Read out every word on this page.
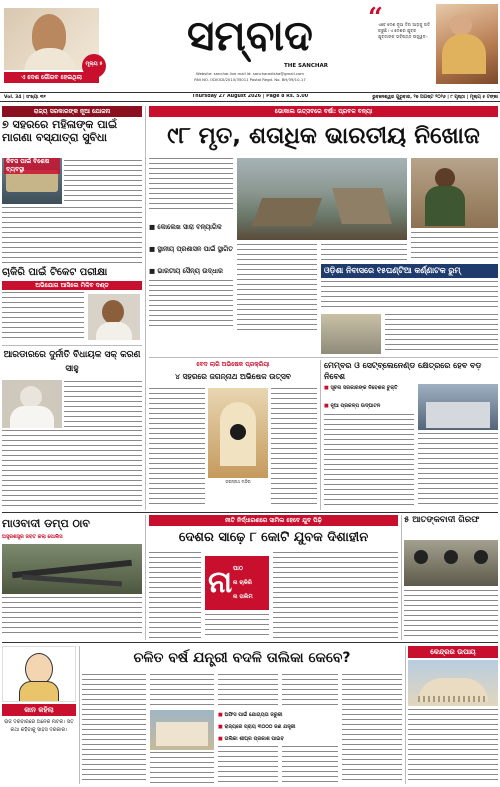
ଏ ଦେଶ ଗୌରବ ହେଇଥିଲା
ମୂଲ୍ୟ ୫
ସମ୍ବାଦ
THE SANCHAR
Website: sanchar.live mail id: sancharodisha@gmail.com
RNI NO. ODIODI/2010/35011 Postal Regd. No. BH/39/10-17
“
ଏବେ ଦେଶ ନୂଆ ଦିଗ ଆଡ଼କୁ ଗତି କରୁଛି। ଏ ଦେଶର ଯୁବକ ଯୁବତୀଙ୍କ ଭବିଷ୍ୟତ ଉଜ୍ଜ୍ୱଳ।
Vol. 34 | ସଂଖ୍ୟା ୩୧	Thursday 27 August 2026 | Page 8 Rs. 5.00	ଭୁବନେଶ୍ୱର ଗୁରୁବାର, ୨୭ ଅଗଷ୍ଟ ୨୦୨୬ | ୮ ପୃଷ୍ଠା | ମୂଲ୍ୟ ୫ ଟଙ୍କା
ରାଜ୍ୟ ସରକାରଙ୍କ ନୂଆ ଯୋଜନା
୭ ସହରରେ ମହିଳାଙ୍କ ପାଇଁ ମାଗଣା ବସ୍‌ଯାତ୍ରା ସୁବିଧା
ଦିବସ ପାଇଁ ବିଶେଷ ବ୍ୟବସ୍ଥା
ଚାକିରି ପାଇଁ ଟିକେଟ ପରୀକ୍ଷା
ଅଭିଯୋଗ ଆସିଲେ ମିଳିବ ଦଣ୍ଡ
ଆରଡାରରେ ଦୁର୍ନୀତି ବିଧାୟକ ସକ୍‌ କରଣ ସାହୁ
ଭୋକାଲ ଉତ୍‌ସବରେ ବର୍ଷା: ପ୍ରବଳ ବନ୍ୟା
୯୮ ମୃତ, ଶତାଧିକ ଭାରତୀୟ ନିଖୋଜ
■ କୋଲେଖ ସାରା ବନ୍ୟାଗିକ
■ ସ୍ଥାନୀୟ ପ୍ରଶାସନ ପାଇଁ ସ୍ଥାଗିତ
■ ଭାରତୀୟ ସୈନ୍ୟ ଉଦ୍ଧାର	ଓଡ଼ିଶା ନିବାସରେ ୧୫ଘଣ୍ଟିଆ କର୍ଣ୍ଣାଟକ ରୁମ୍
ବେଦ ଲାଗି ଅଭିଷେକ ପ୍ରକ୍ରିୟା
୪ ସହରରେ ଜଗନ୍ନାଥ ଅଭିଷେକ ଉତ୍ସବ
ଜଗନ୍ନାଥ ମନ୍ଦିର
ମେମ୍ବର ଓ ସେଟ୍‌ବ୍ଲେନେଣ୍ଡ କ୍ଷେତ୍ରରେ ହେବ ବଡ଼ ନିବେଶ
■ ସୂଚନା ସରକାରଙ୍କ ନିବେଶକ ଚୁକ୍ତି
■ ନୂଆ ପ୍ରକଳ୍ପ ଉଦ୍‌ଘାଟନ
ମାଓବାଦୀ ଡମ୍ପ ଠାବ
ଅସ୍ତ୍ରଶସ୍ତ୍ର ଜବତ କଲା ପୋଲିସ
ନୀତି ନିର୍ଦ୍ଧାରଣରେ ସାମିଲ ହେବେ ଯୁବ ପିଢ଼ି
ଦେଶର ସାଢ଼େ ୮ କୋଟି ଯୁବକ ଦିଶାହୀନ
ନା ପାଠ
ନା ଚାକିରି
ନା ତାଲିମ
୫ ଆତଙ୍କବାଦୀ ଗିରଫ
କାନ କହିଲା
ରାଜ ଦରବାରରେ ଅନେକ ନାଟକ। ସତ କଥା କହିବାକୁ ସାହସ ଦରକାର।
ଚଳିତ ବର୍ଷ ଯନ୍ତ୍ରୀ ବଦଳି ତାଲିକା କେବେ?
■ ଅଫିସ ପାଇଁ ଯୋଗ୍ୟତା ଜରୁରୀ
■ ରାଜ୍ୟରେ ପ୍ରାୟ ୩୦୦୦ ଜଣ ଯନ୍ତ୍ରୀ
■ ତାଲିକା ଶୀଘ୍ର ପ୍ରକାଶ ପାଇବ
କେନ୍ଦ୍ରର ଉପାୟ
